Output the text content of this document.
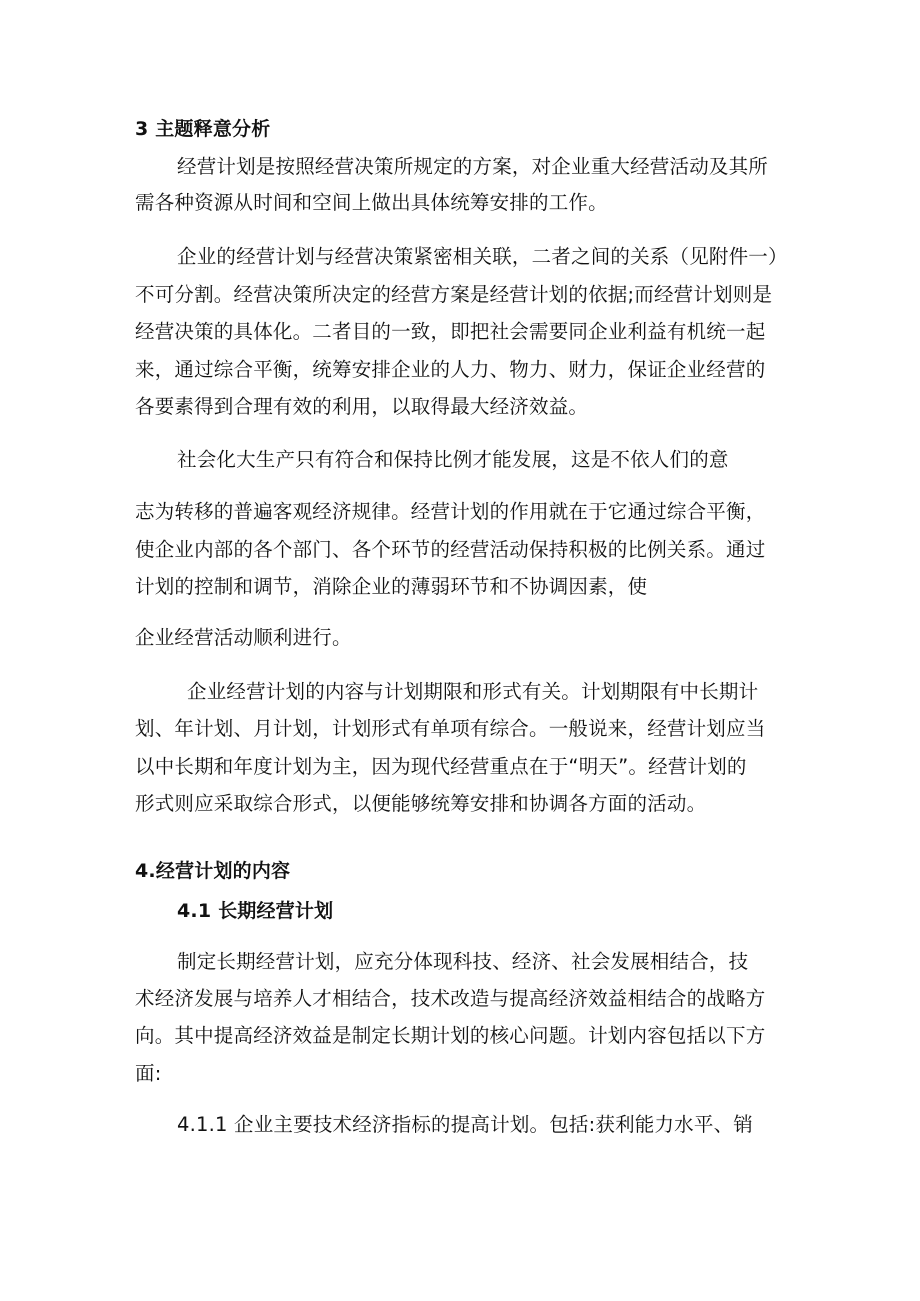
3 主题释意分析

经营计划是按照经营决策所规定的方案，对企业重大经营活动及其所

需各种资源从时间和空间上做出具体统筹安排的工作。

企业的经营计划与经营决策紧密相关联，二者之间的关系（见附件一）

不可分割。经营决策所决定的经营方案是经营计划的依据;而经营计划则是

经营决策的具体化。二者目的一致，即把社会需要同企业利益有机统一起

来，通过综合平衡，统筹安排企业的人力、物力、财力，保证企业经营的

各要素得到合理有效的利用，以取得最大经济效益。

社会化大生产只有符合和保持比例才能发展，这是不依人们的意

志为转移的普遍客观经济规律。经营计划的作用就在于它通过综合平衡，

使企业内部的各个部门、各个环节的经营活动保持积极的比例关系。通过

计划的控制和调节，消除企业的薄弱环节和不协调因素，使

企业经营活动顺利进行。

企业经营计划的内容与计划期限和形式有关。计划期限有中长期计

划、年计划、月计划，计划形式有单项有综合。一般说来，经营计划应当

以中长期和年度计划为主，因为现代经营重点在于“明天”。经营计划的

形式则应采取综合形式，以便能够统筹安排和协调各方面的活动。

4.经营计划的内容
4.1 长期经营计划

制定长期经营计划，应充分体现科技、经济、社会发展相结合，技

术经济发展与培养人才相结合，技术改造与提高经济效益相结合的战略方

向。其中提高经济效益是制定长期计划的核心问题。计划内容包括以下方

面:

4.1.1 企业主要技术经济指标的提高计划。包括:获利能力水平、销
